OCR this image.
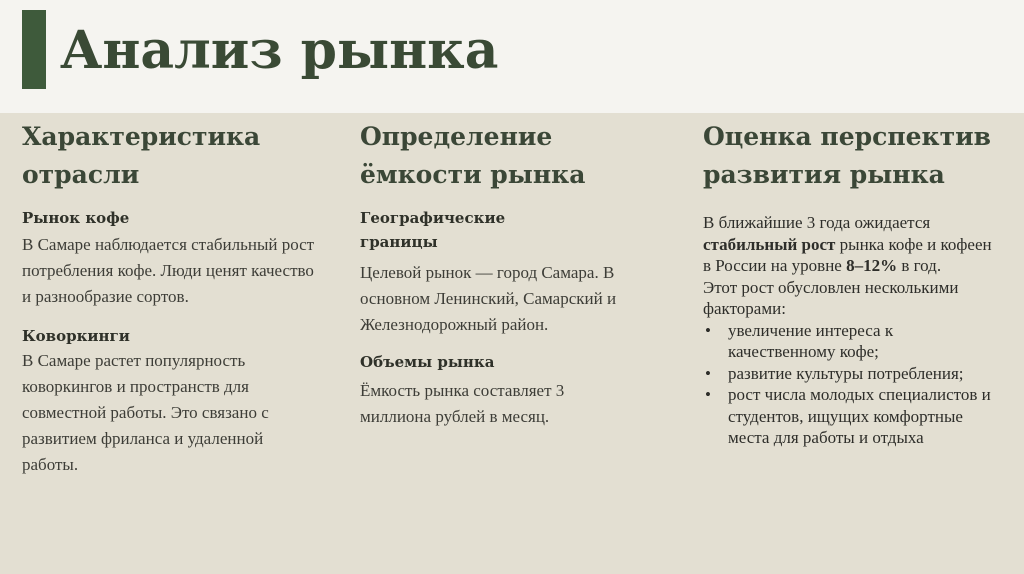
Анализ рынка
Характеристика отрасли
Рынок кофе
В Самаре наблюдается стабильный рост потребления кофе. Люди ценят качество и разнообразие сортов.
Коворкинги
В Самаре растет популярность коворкингов и пространств для совместной работы. Это связано с развитием фриланса и удаленной работы.
Определение ёмкости рынка
Географические границы
Целевой рынок — город Самара. В основном Ленинский, Самарский и Железнодорожный район.
Объемы рынка
Ёмкость рынка составляет 3 миллиона рублей в месяц.
Оценка перспектив развития рынка
В ближайшие 3 года ожидается стабильный рост рынка кофе и кофеен в России на уровне 8–12% в год.
Этот рост обусловлен несколькими факторами:
• увеличение интереса к качественному кофе;
• развитие культуры потребления;
• рост числа молодых специалистов и студентов, ищущих комфортные места для работы и отдыха
